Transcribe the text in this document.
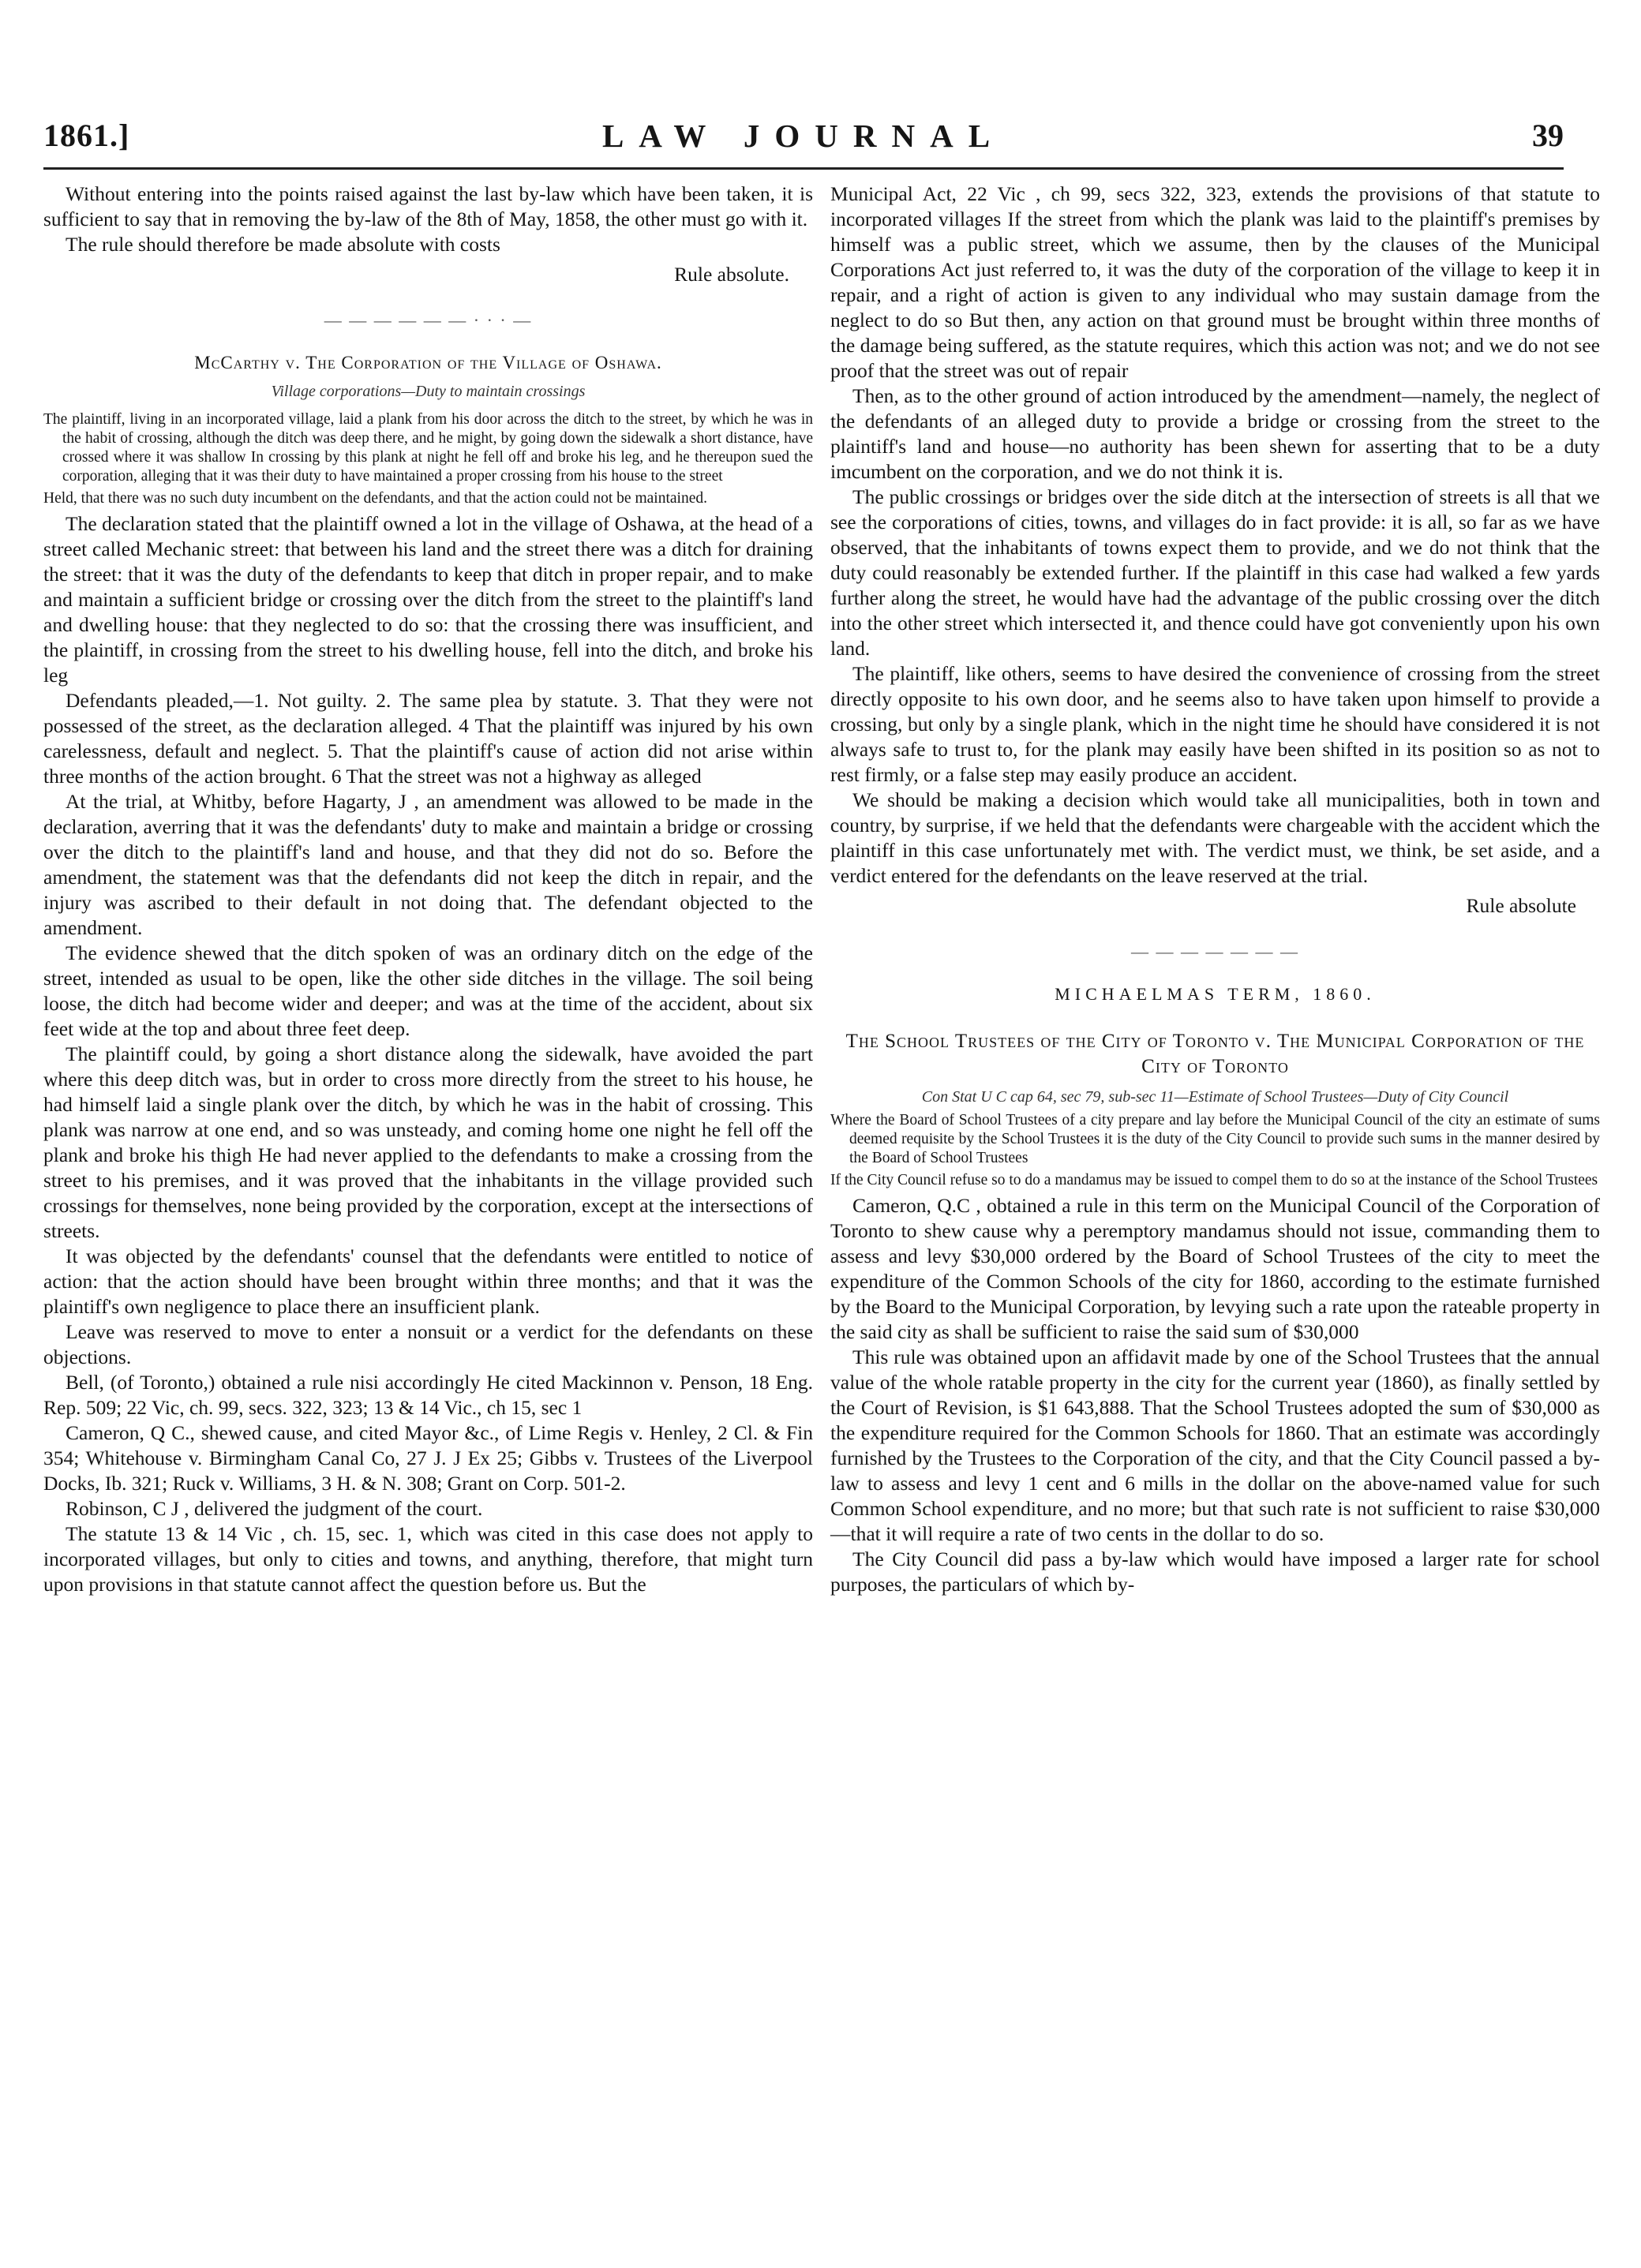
1861.]	LAW JOURNAL	39

Without entering into the points raised against the last by-law which have been taken, it is sufficient to say that in removing the by-law of the 8th of May, 1858, the other must go with it.

The rule should therefore be made absolute with costs

Rule absolute.

— — — — — — · · · —
McCarthy v. The Corporation of the Village of Oshawa.
Village corporations—Duty to maintain crossings

The plaintiff, living in an incorporated village, laid a plank from his door across the ditch to the street, by which he was in the habit of crossing, although the ditch was deep there, and he might, by going down the sidewalk a short distance, have crossed where it was shallow In crossing by this plank at night he fell off and broke his leg, and he thereupon sued the corporation, alleging that it was their duty to have maintained a proper crossing from his house to the street

Held, that there was no such duty incumbent on the defendants, and that the action could not be maintained.

The declaration stated that the plaintiff owned a lot in the village of Oshawa, at the head of a street called Mechanic street: that between his land and the street there was a ditch for draining the street: that it was the duty of the defendants to keep that ditch in proper repair, and to make and maintain a sufficient bridge or crossing over the ditch from the street to the plaintiff's land and dwelling house: that they neglected to do so: that the crossing there was insufficient, and the plaintiff, in crossing from the street to his dwelling house, fell into the ditch, and broke his leg

Defendants pleaded,—1. Not guilty. 2. The same plea by statute. 3. That they were not possessed of the street, as the declaration alleged. 4 That the plaintiff was injured by his own carelessness, default and neglect. 5. That the plaintiff's cause of action did not arise within three months of the action brought. 6 That the street was not a highway as alleged

At the trial, at Whitby, before Hagarty, J , an amendment was allowed to be made in the declaration, averring that it was the defendants' duty to make and maintain a bridge or crossing over the ditch to the plaintiff's land and house, and that they did not do so. Before the amendment, the statement was that the defendants did not keep the ditch in repair, and the injury was ascribed to their default in not doing that. The defendant objected to the amendment.

The evidence shewed that the ditch spoken of was an ordinary ditch on the edge of the street, intended as usual to be open, like the other side ditches in the village. The soil being loose, the ditch had become wider and deeper; and was at the time of the accident, about six feet wide at the top and about three feet deep.

The plaintiff could, by going a short distance along the sidewalk, have avoided the part where this deep ditch was, but in order to cross more directly from the street to his house, he had himself laid a single plank over the ditch, by which he was in the habit of crossing. This plank was narrow at one end, and so was unsteady, and coming home one night he fell off the plank and broke his thigh He had never applied to the defendants to make a crossing from the street to his premises, and it was proved that the inhabitants in the village provided such crossings for themselves, none being provided by the corporation, except at the intersections of streets.

It was objected by the defendants' counsel that the defendants were entitled to notice of action: that the action should have been brought within three months; and that it was the plaintiff's own negligence to place there an insufficient plank.

Leave was reserved to move to enter a nonsuit or a verdict for the defendants on these objections.

Bell, (of Toronto,) obtained a rule nisi accordingly He cited Mackinnon v. Penson, 18 Eng. Rep. 509; 22 Vic, ch. 99, secs. 322, 323; 13 & 14 Vic., ch 15, sec 1

Cameron, Q C., shewed cause, and cited Mayor &c., of Lime Regis v. Henley, 2 Cl. & Fin 354; Whitehouse v. Birmingham Canal Co, 27 J. J Ex 25; Gibbs v. Trustees of the Liverpool Docks, Ib. 321; Ruck v. Williams, 3 H. & N. 308; Grant on Corp. 501-2.

Robinson, C J , delivered the judgment of the court.

The statute 13 & 14 Vic , ch. 15, sec. 1, which was cited in this case does not apply to incorporated villages, but only to cities and towns, and anything, therefore, that might turn upon provisions in that statute cannot affect the question before us. But the

Municipal Act, 22 Vic , ch 99, secs 322, 323, extends the provisions of that statute to incorporated villages If the street from which the plank was laid to the plaintiff's premises by himself was a public street, which we assume, then by the clauses of the Municipal Corporations Act just referred to, it was the duty of the corporation of the village to keep it in repair, and a right of action is given to any individual who may sustain damage from the neglect to do so But then, any action on that ground must be brought within three months of the damage being suffered, as the statute requires, which this action was not; and we do not see proof that the street was out of repair

Then, as to the other ground of action introduced by the amendment—namely, the neglect of the defendants of an alleged duty to provide a bridge or crossing from the street to the plaintiff's land and house—no authority has been shewn for asserting that to be a duty imcumbent on the corporation, and we do not think it is.

The public crossings or bridges over the side ditch at the intersection of streets is all that we see the corporations of cities, towns, and villages do in fact provide: it is all, so far as we have observed, that the inhabitants of towns expect them to provide, and we do not think that the duty could reasonably be extended further. If the plaintiff in this case had walked a few yards further along the street, he would have had the advantage of the public crossing over the ditch into the other street which intersected it, and thence could have got conveniently upon his own land.

The plaintiff, like others, seems to have desired the convenience of crossing from the street directly opposite to his own door, and he seems also to have taken upon himself to provide a crossing, but only by a single plank, which in the night time he should have considered it is not always safe to trust to, for the plank may easily have been shifted in its position so as not to rest firmly, or a false step may easily produce an accident.

We should be making a decision which would take all municipalities, both in town and country, by surprise, if we held that the defendants were chargeable with the accident which the plaintiff in this case unfortunately met with. The verdict must, we think, be set aside, and a verdict entered for the defendants on the leave reserved at the trial.

Rule absolute

— — — — — — —
MICHAELMAS TERM, 1860.
The School Trustees of the City of Toronto v. The Municipal Corporation of the City of Toronto
Con Stat U C cap 64, sec 79, sub-sec 11—Estimate of School Trustees—Duty of City Council

Where the Board of School Trustees of a city prepare and lay before the Municipal Council of the city an estimate of sums deemed requisite by the School Trustees it is the duty of the City Council to provide such sums in the manner desired by the Board of School Trustees

If the City Council refuse so to do a mandamus may be issued to compel them to do so at the instance of the School Trustees

Cameron, Q.C , obtained a rule in this term on the Municipal Council of the Corporation of Toronto to shew cause why a peremptory mandamus should not issue, commanding them to assess and levy $30,000 ordered by the Board of School Trustees of the city to meet the expenditure of the Common Schools of the city for 1860, according to the estimate furnished by the Board to the Municipal Corporation, by levying such a rate upon the rateable property in the said city as shall be sufficient to raise the said sum of $30,000

This rule was obtained upon an affidavit made by one of the School Trustees that the annual value of the whole ratable property in the city for the current year (1860), as finally settled by the Court of Revision, is $1 643,888. That the School Trustees adopted the sum of $30,000 as the expenditure required for the Common Schools for 1860. That an estimate was accordingly furnished by the Trustees to the Corporation of the city, and that the City Council passed a by-law to assess and levy 1 cent and 6 mills in the dollar on the above-named value for such Common School expenditure, and no more; but that such rate is not sufficient to raise $30,000—that it will require a rate of two cents in the dollar to do so.

The City Council did pass a by-law which would have imposed a larger rate for school purposes, the particulars of which by-
